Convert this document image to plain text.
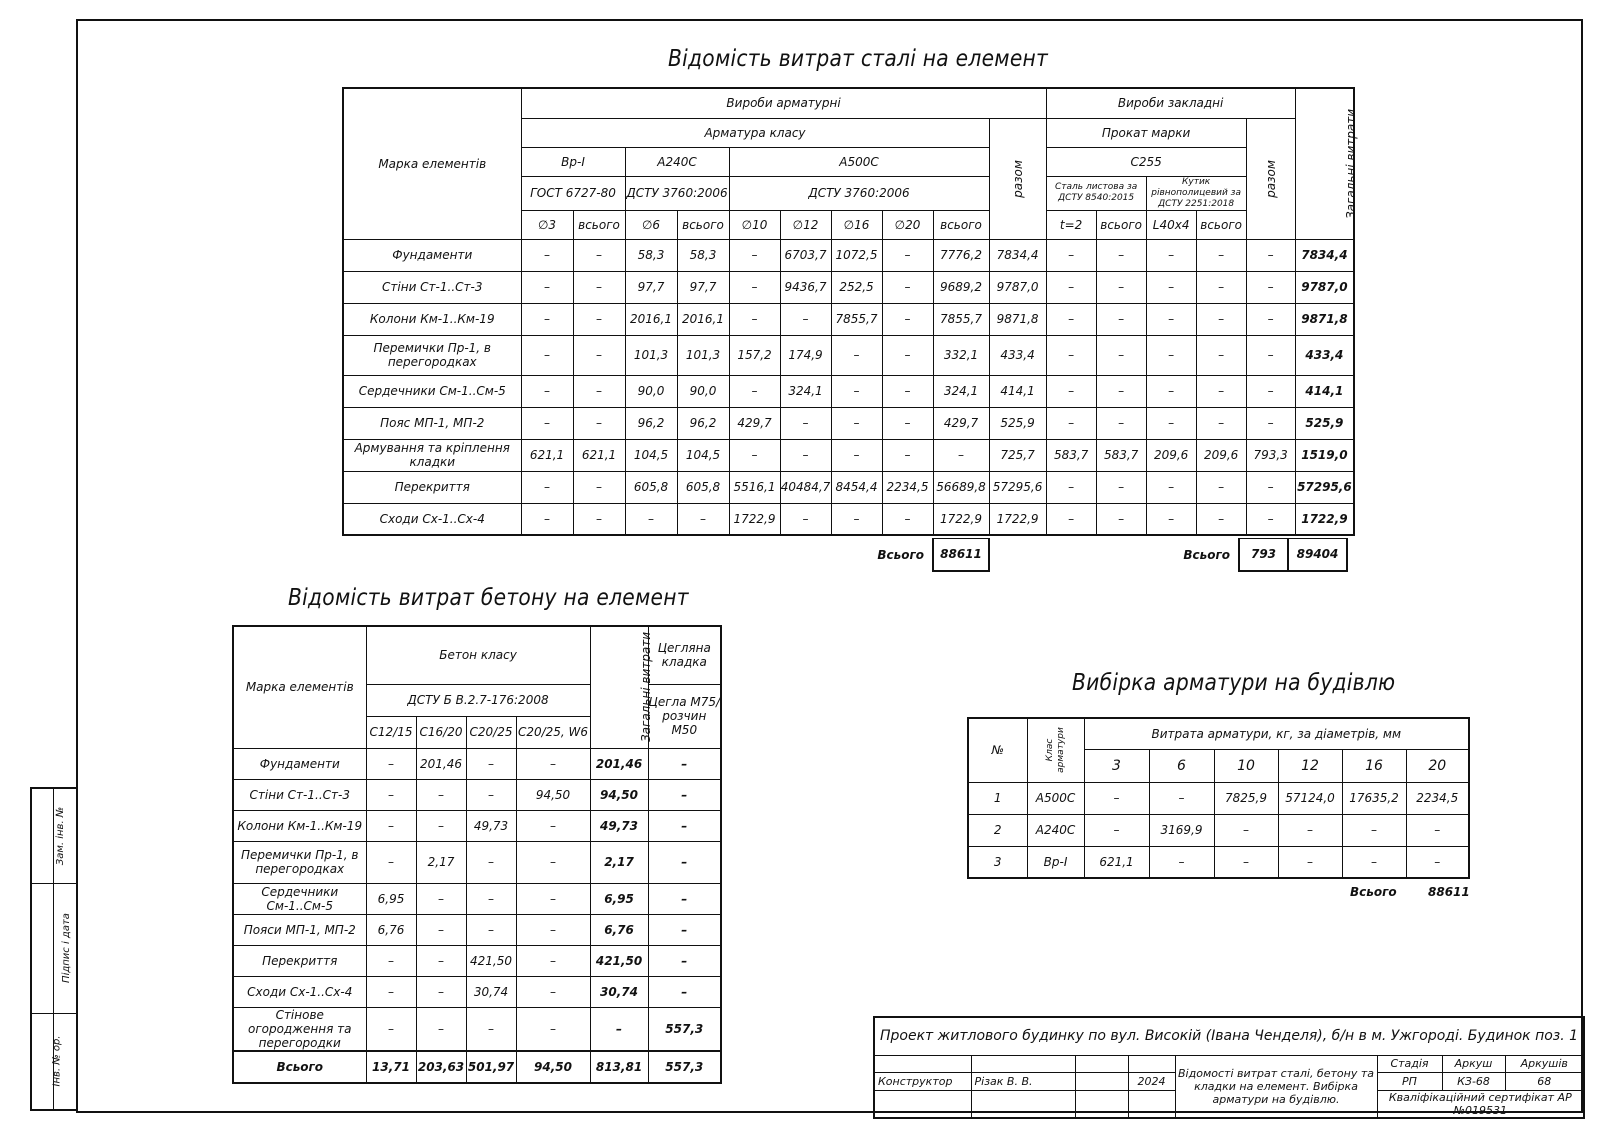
Відомість витрат сталі на елемент
Марка елементів	Вироби арматурні										Вироби закладні					Загальні витрати
	Арматура класу									разом	Прокат марки				разом	
	Вр-I		А240С		А500С						С255					
	ГОСТ 6727-80		ДСТУ 3760:2006		ДСТУ 3760:2006						Сталь листова за ДСТУ 8540:2015		Кутик рівнополицевий за ДСТУ 2251:2018			
	∅3	всього	∅6	всього	∅10	∅12	∅16	∅20	всього		t=2	всього	L40x4	всього		
Фундаменти	–	–	58,3	58,3	–	6703,7	1072,5	–	7776,2	7834,4	–	–	–	–	–	7834,4
Стіни Ст-1..Ст-3	–	–	97,7	97,7	–	9436,7	252,5	–	9689,2	9787,0	–	–	–	–	–	9787,0
Колони Км-1..Км-19	–	–	2016,1	2016,1	–	–	7855,7	–	7855,7	9871,8	–	–	–	–	–	9871,8
Перемички Пр-1, в перегородках	–	–	101,3	101,3	157,2	174,9	–	–	332,1	433,4	–	–	–	–	–	433,4
Сердечники См-1..См-5	–	–	90,0	90,0	–	324,1	–	–	324,1	414,1	–	–	–	–	–	414,1
Пояс МП-1, МП-2	–	–	96,2	96,2	429,7	–	–	–	429,7	525,9	–	–	–	–	–	525,9
Армування та кріплення кладки	621,1	621,1	104,5	104,5	–	–	–	–	–	725,7	583,7	583,7	209,6	209,6	793,3	1519,0
Перекриття	–	–	605,8	605,8	5516,1	40484,7	8454,4	2234,5	56689,8	57295,6	–	–	–	–	–	57295,6
Сходи Сх-1..Сх-4	–	–	–	–	1722,9	–	–	–	1722,9	1722,9	–	–	–	–	–	1722,9
Всього	88611	Всього	793	89404
Відомість витрат бетону на елемент
Марка елементів	Бетон класу				Загальні витрати	Цегляна кладка
	ДСТУ Б В.2.7-176:2008					Цегла М75/ розчин М50
	С12/15	С16/20	С20/25	С20/25, W6		
Фундаменти	–	201,46	–	–	201,46	–
Стіни Ст-1..Ст-3	–	–	–	94,50	94,50	–
Колони Км-1..Км-19	–	–	49,73	–	49,73	–
Перемички Пр-1, в перегородках	–	2,17	–	–	2,17	–
Сердечники См-1..См-5	6,95	–	–	–	6,95	–
Пояси МП-1, МП-2	6,76	–	–	–	6,76	–
Перекриття	–	–	421,50	–	421,50	–
Сходи Сх-1..Сх-4	–	–	30,74	–	30,74	–
Стінове огородження та перегородки	–	–	–	–	–	557,3
Всього	13,71	203,63	501,97	94,50	813,81	557,3
Вибірка арматури на будівлю
№	Клас арматури	Витрата арматури, кг, за діаметрів, мм					
		3	6	10	12	16	20
1	А500С	–	–	7825,9	57124,0	17635,2	2234,5
2	А240С	–	3169,9	–	–	–	–
3	Вр-I	621,1	–	–	–	–	–
Всього	88611
Зам. інв. №	
Підпис і дата	
Інв. № ор.	
Проект житлового будинку по вул. Високій (Івана Ченделя), б/н в м. Ужгороді. Будинок поз. 1							
				Відомості витрат сталі, бетону та кладки на елемент. Вибірка арматури на будівлю.	Стадія	Аркуш	Аркушів
Конструктор	Різак В. В.		2024		РП	КЗ-68	68
					Кваліфікаційний сертифікат АР №019531		
